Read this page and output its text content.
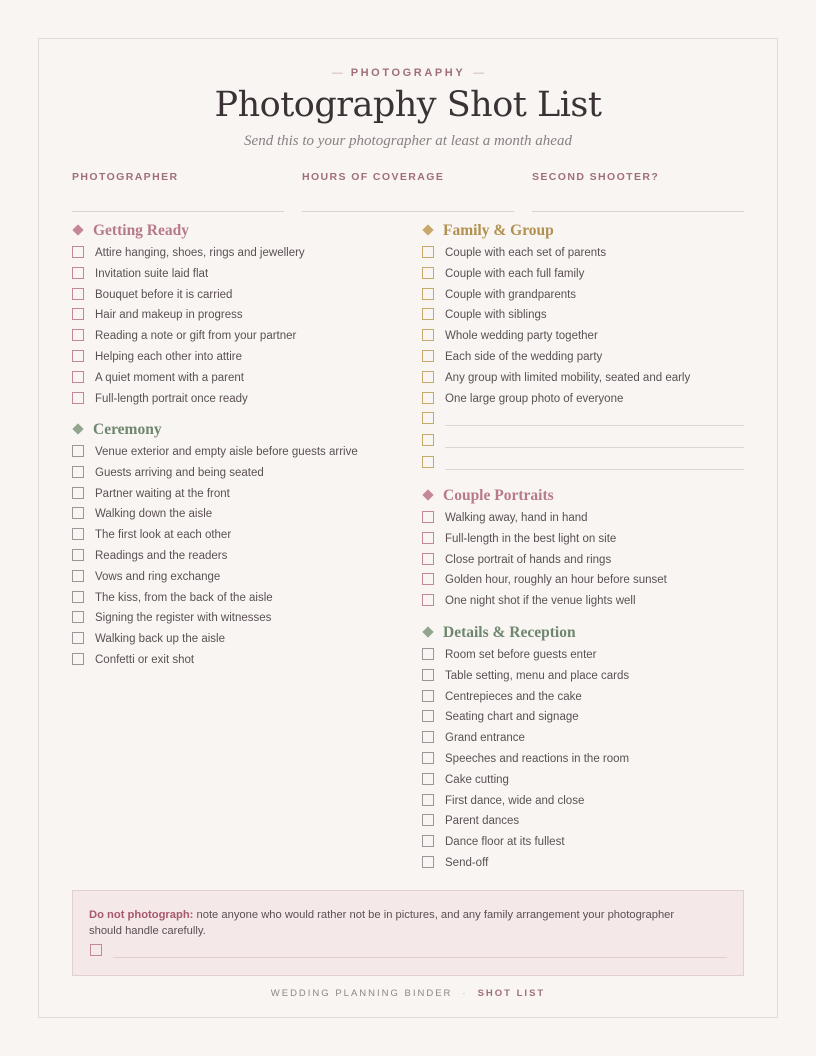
— PHOTOGRAPHY —
Photography Shot List
Send this to your photographer at least a month ahead
PHOTOGRAPHER	HOURS OF COVERAGE	SECOND SHOOTER?
Getting Ready
Attire hanging, shoes, rings and jewellery
Invitation suite laid flat
Bouquet before it is carried
Hair and makeup in progress
Reading a note or gift from your partner
Helping each other into attire
A quiet moment with a parent
Full-length portrait once ready
Ceremony
Venue exterior and empty aisle before guests arrive
Guests arriving and being seated
Partner waiting at the front
Walking down the aisle
The first look at each other
Readings and the readers
Vows and ring exchange
The kiss, from the back of the aisle
Signing the register with witnesses
Walking back up the aisle
Confetti or exit shot
Family & Group
Couple with each set of parents
Couple with each full family
Couple with grandparents
Couple with siblings
Whole wedding party together
Each side of the wedding party
Any group with limited mobility, seated and early
One large group photo of everyone
Couple Portraits
Walking away, hand in hand
Full-length in the best light on site
Close portrait of hands and rings
Golden hour, roughly an hour before sunset
One night shot if the venue lights well
Details & Reception
Room set before guests enter
Table setting, menu and place cards
Centrepieces and the cake
Seating chart and signage
Grand entrance
Speeches and reactions in the room
Cake cutting
First dance, wide and close
Parent dances
Dance floor at its fullest
Send-off
Do not photograph: note anyone who would rather not be in pictures, and any family arrangement your photographer should handle carefully.
WEDDING PLANNING BINDER · SHOT LIST
